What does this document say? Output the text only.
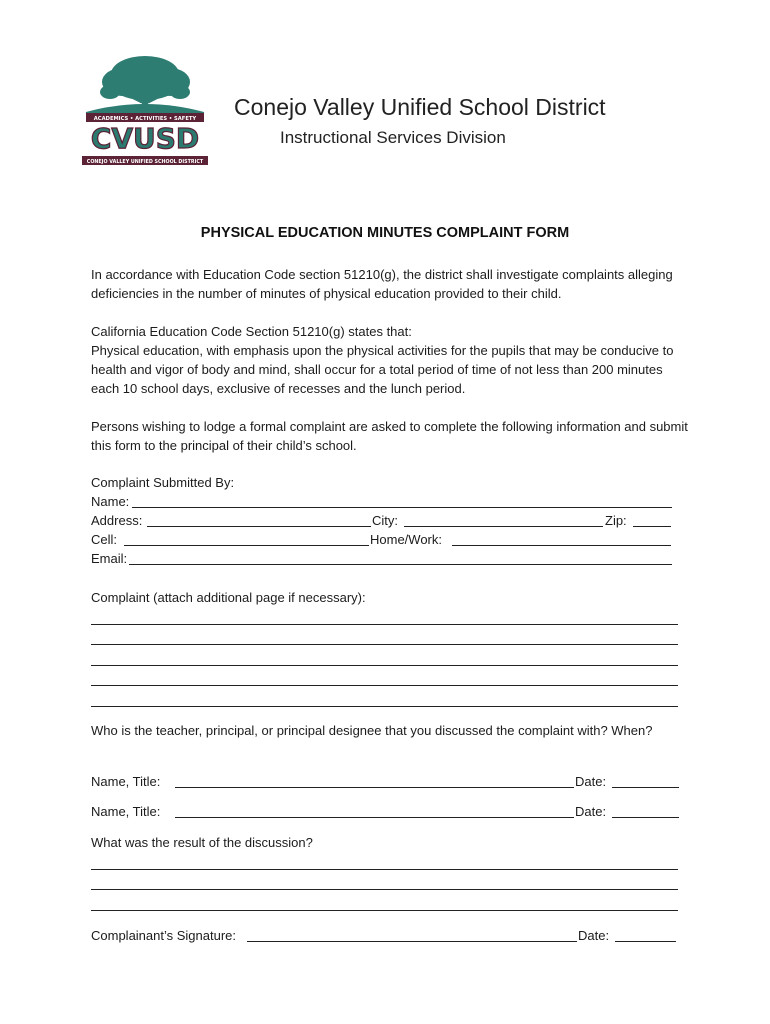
ACADEMICS • ACTIVITIES • SAFETY
CVUSD
CONEJO VALLEY UNIFIED SCHOOL DISTRICT
Conejo Valley Unified School District
Instructional Services Division
PHYSICAL EDUCATION MINUTES COMPLAINT FORM
In accordance with Education Code section 51210(g), the district shall investigate complaints alleging deficiencies in the number of minutes of physical education provided to their child.
California Education Code Section 51210(g) states that:
Physical education, with emphasis upon the physical activities for the pupils that may be conducive to health and vigor of body and mind, shall occur for a total period of time of not less than 200 minutes each 10 school days, exclusive of recesses and the lunch period.
Persons wishing to lodge a formal complaint are asked to complete the following information and submit this form to the principal of their child’s school.
Complaint Submitted By:
Name:
Address:	City:	Zip:
Cell:	Home/Work:
Email:
Complaint (attach additional page if necessary):
Who is the teacher, principal, or principal designee that you discussed the complaint with? When?
Name, Title:	Date:
Name, Title:	Date:
What was the result of the discussion?
Complainant’s Signature:	Date:
